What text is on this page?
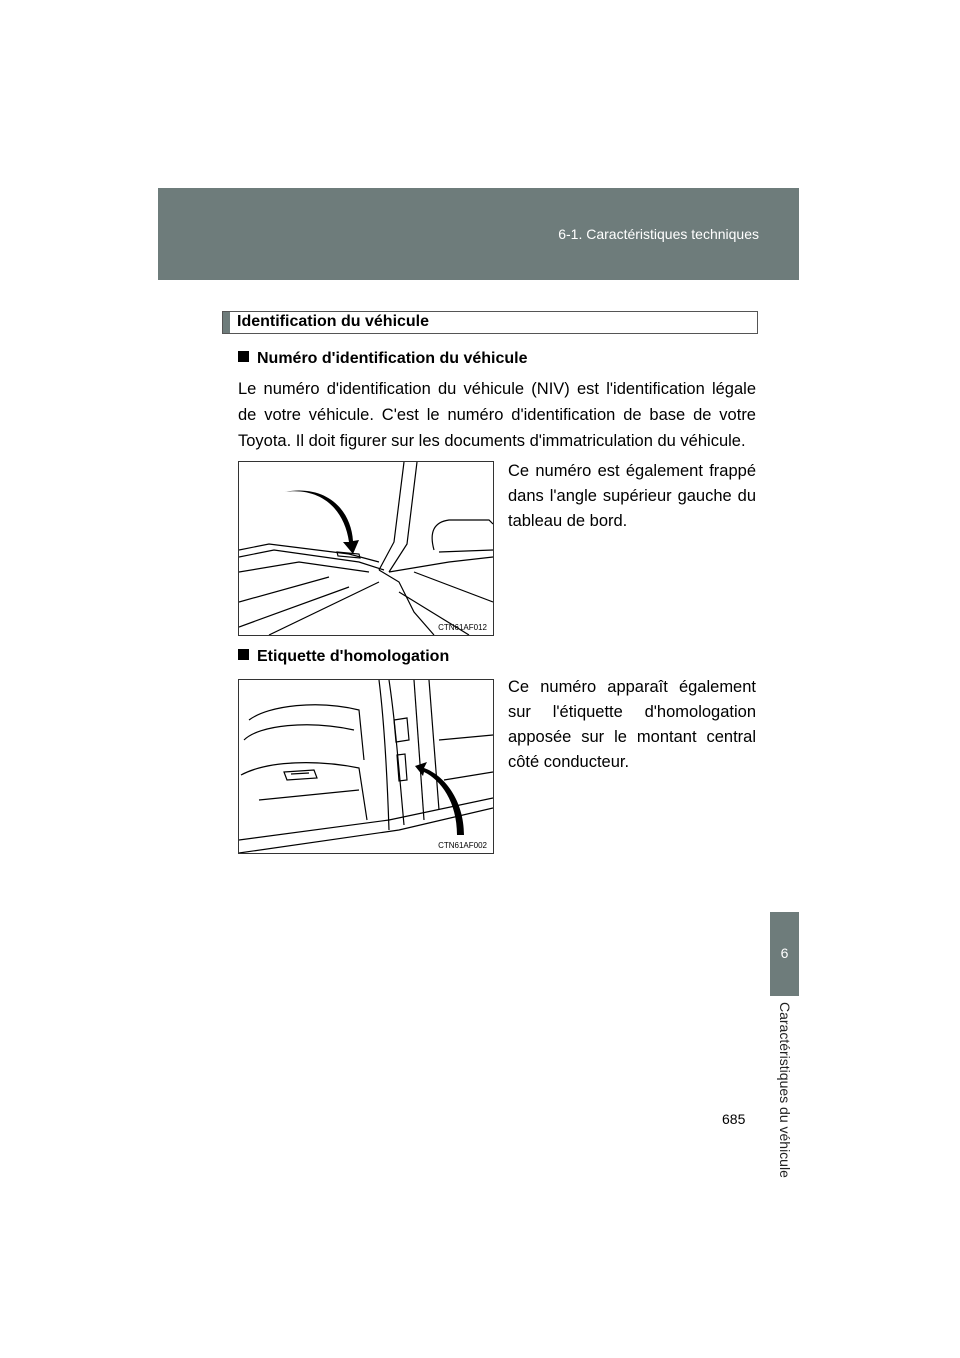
6-1. Caractéristiques techniques
6
Caractéristiques du véhicule
Identification du véhicule
Numéro d'identification du véhicule
Le numéro d'identification du véhicule (NIV) est l'identification légale de votre véhicule. C'est le numéro d'identification de base de votre Toyota. Il doit figurer sur les documents d'immatriculation du véhicule.
CTN61AF012
Ce numéro est également frappé dans l'angle supérieur gauche du tableau de bord.
Etiquette d'homologation
CTN61AF002
Ce numéro apparaît également sur l'étiquette d'homologation apposée sur le montant central côté conducteur.
685
